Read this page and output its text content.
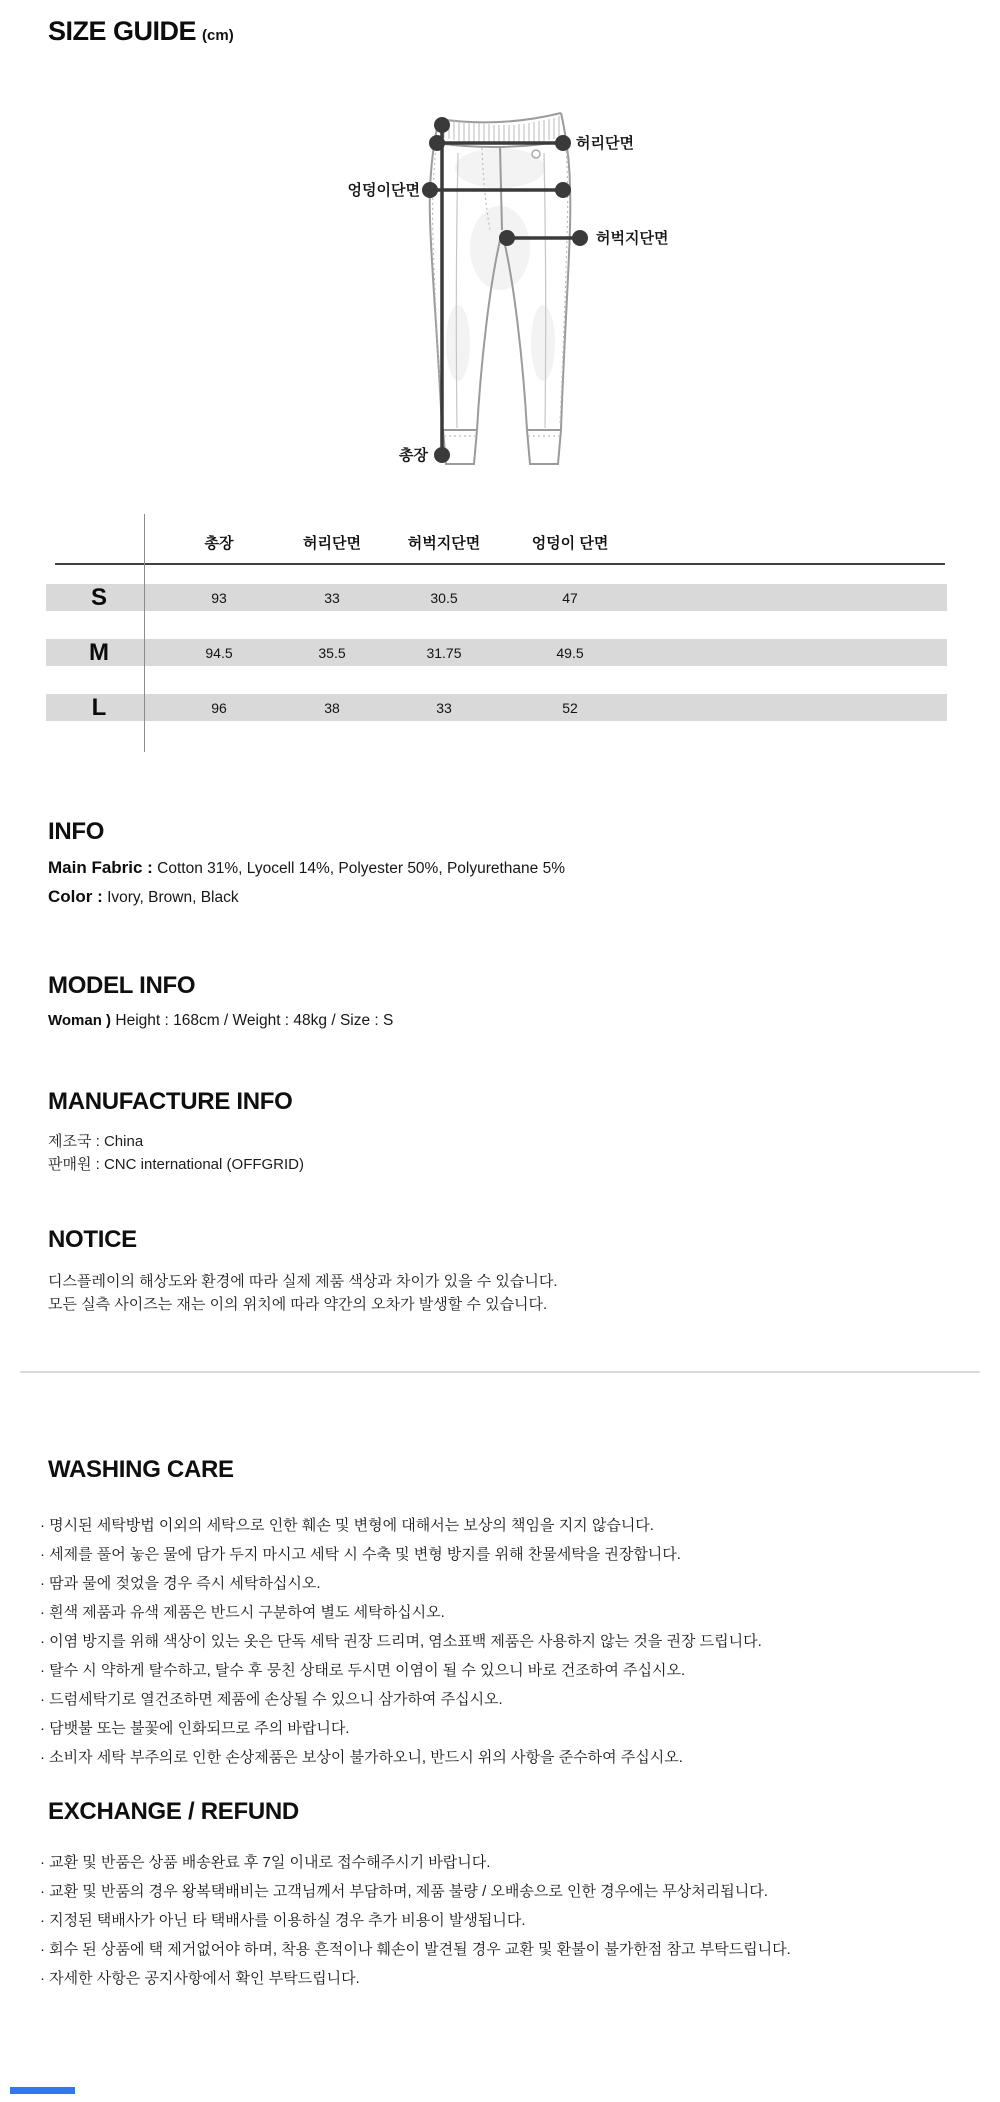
SIZE GUIDE (cm)
허리단면
엉덩이단면
허벅지단면
총장
총장	허리단면	허벅지단면	엉덩이 단면
S	93	33	30.5	47
M	94.5	35.5	31.75	49.5
L	96	38	33	52
INFO
Main Fabric : Cotton 31%, Lyocell 14%, Polyester 50%, Polyurethane 5%
Color : Ivory, Brown, Black
MODEL INFO
Woman ) Height : 168cm / Weight : 48kg / Size : S
MANUFACTURE INFO
제조국 : China
판매원 : CNC international (OFFGRID)
NOTICE
디스플레이의 해상도와 환경에 따라 실제 제품 색상과 차이가 있을 수 있습니다.
모든 실측 사이즈는 재는 이의 위치에 따라 약간의 오차가 발생할 수 있습니다.
WASHING CARE
· 명시된 세탁방법 이외의 세탁으로 인한 훼손 및 변형에 대해서는 보상의 책임을 지지 않습니다.
· 세제를 풀어 놓은 물에 담가 두지 마시고 세탁 시 수축 및 변형 방지를 위해 찬물세탁을 권장합니다.
· 땀과 물에 젖었을 경우 즉시 세탁하십시오.
· 흰색 제품과 유색 제품은 반드시 구분하여 별도 세탁하십시오.
· 이염 방지를 위해 색상이 있는 옷은 단독 세탁 권장 드리며, 염소표백 제품은 사용하지 않는 것을 권장 드립니다.
· 탈수 시 약하게 탈수하고, 탈수 후 뭉친 상태로 두시면 이염이 될 수 있으니 바로 건조하여 주십시오.
· 드럼세탁기로 열건조하면 제품에 손상될 수 있으니 삼가하여 주십시오.
· 담뱃불 또는 불꽃에 인화되므로 주의 바랍니다.
· 소비자 세탁 부주의로 인한 손상제품은 보상이 불가하오니, 반드시 위의 사항을 준수하여 주십시오.
EXCHANGE / REFUND
· 교환 및 반품은 상품 배송완료 후 7일 이내로 접수해주시기 바랍니다.
· 교환 및 반품의 경우 왕복택배비는 고객님께서 부담하며, 제품 불량 / 오배송으로 인한 경우에는 무상처리됩니다.
· 지정된 택배사가 아닌 타 택배사를 이용하실 경우 추가 비용이 발생됩니다.
· 회수 된 상품에 택 제거없어야 하며, 착용 흔적이나 훼손이 발견될 경우 교환 및 환불이 불가한점 참고 부탁드립니다.
· 자세한 사항은 공지사항에서 확인 부탁드립니다.
